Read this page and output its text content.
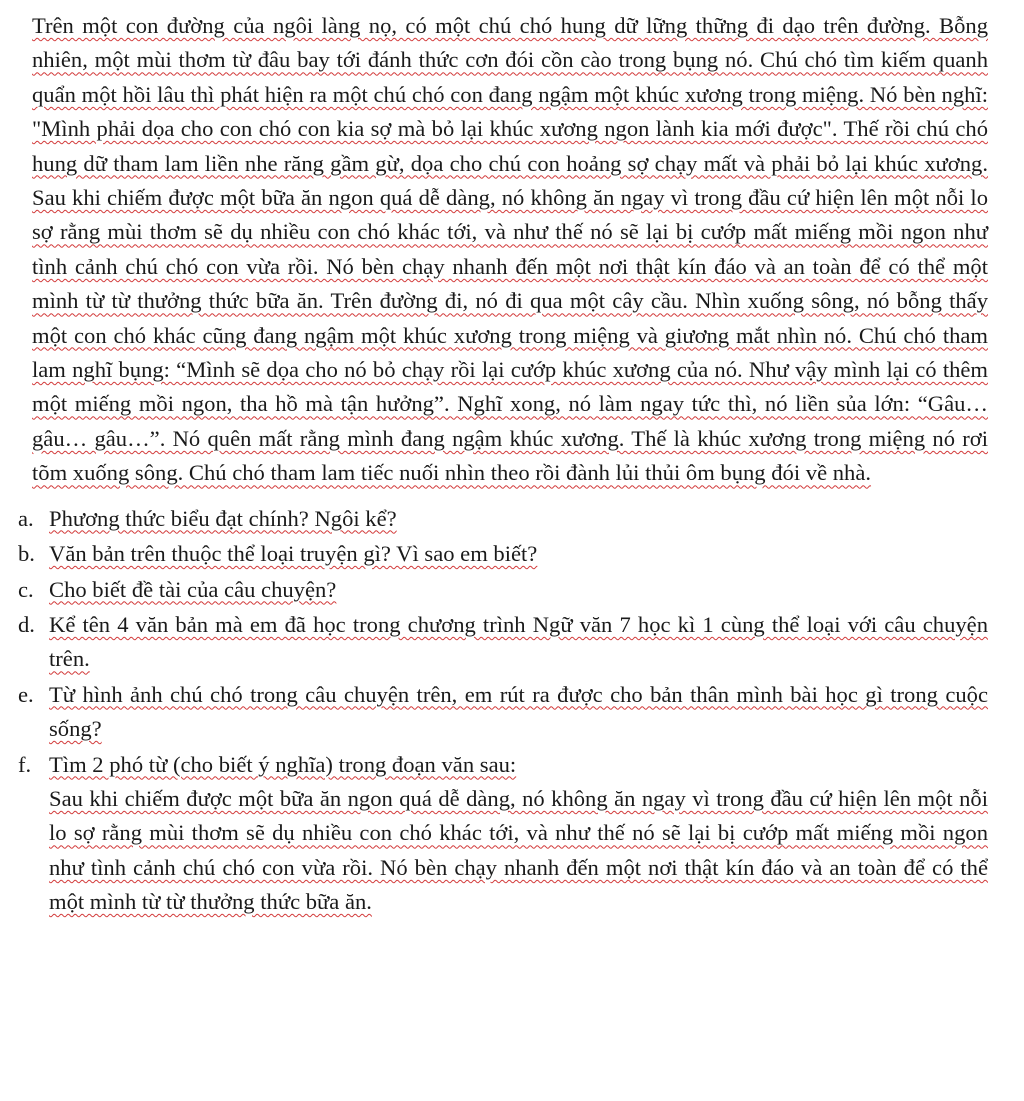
Trên một con đường của ngôi làng nọ, có một chú chó hung dữ lững thững đi dạo trên đường. Bỗng nhiên, một mùi thơm từ đâu bay tới đánh thức cơn đói cồn cào trong bụng nó. Chú chó tìm kiếm quanh quẩn một hồi lâu thì phát hiện ra một chú chó con đang ngậm một khúc xương trong miệng. Nó bèn nghĩ: "Mình phải dọa cho con chó con kia sợ mà bỏ lại khúc xương ngon lành kia mới được". Thế rồi chú chó hung dữ tham lam liền nhe răng gầm gừ, dọa cho chú con hoảng sợ chạy mất và phải bỏ lại khúc xương. Sau khi chiếm được một bữa ăn ngon quá dễ dàng, nó không ăn ngay vì trong đầu cứ hiện lên một nỗi lo sợ rằng mùi thơm sẽ dụ nhiều con chó khác tới, và như thế nó sẽ lại bị cướp mất miếng mồi ngon như tình cảnh chú chó con vừa rồi. Nó bèn chạy nhanh đến một nơi thật kín đáo và an toàn để có thể một mình từ từ thưởng thức bữa ăn. Trên đường đi, nó đi qua một cây cầu. Nhìn xuống sông, nó bỗng thấy một con chó khác cũng đang ngậm một khúc xương trong miệng và giương mắt nhìn nó. Chú chó tham lam nghĩ bụng: “Mình sẽ dọa cho nó bỏ chạy rồi lại cướp khúc xương của nó. Như vậy mình lại có thêm một miếng mồi ngon, tha hồ mà tận hưởng”. Nghĩ xong, nó làm ngay tức thì, nó liền sủa lớn: “Gâu… gâu… gâu…”. Nó quên mất rằng mình đang ngậm khúc xương. Thế là khúc xương trong miệng nó rơi tõm xuống sông. Chú chó tham lam tiếc nuối nhìn theo rồi đành lủi thủi ôm bụng đói về nhà.

a. Phương thức biểu đạt chính? Ngôi kể?
b. Văn bản trên thuộc thể loại truyện gì? Vì sao em biết?
c. Cho biết đề tài của câu chuyện?
d. Kể tên 4 văn bản mà em đã học trong chương trình Ngữ văn 7 học kì 1 cùng thể loại với câu chuyện trên.
e. Từ hình ảnh chú chó trong câu chuyện trên, em rút ra được cho bản thân mình bài học gì trong cuộc sống?
f. Tìm 2 phó từ (cho biết ý nghĩa) trong đoạn văn sau:
Sau khi chiếm được một bữa ăn ngon quá dễ dàng, nó không ăn ngay vì trong đầu cứ hiện lên một nỗi lo sợ rằng mùi thơm sẽ dụ nhiều con chó khác tới, và như thế nó sẽ lại bị cướp mất miếng mồi ngon như tình cảnh chú chó con vừa rồi. Nó bèn chạy nhanh đến một nơi thật kín đáo và an toàn để có thể một mình từ từ thưởng thức bữa ăn.
